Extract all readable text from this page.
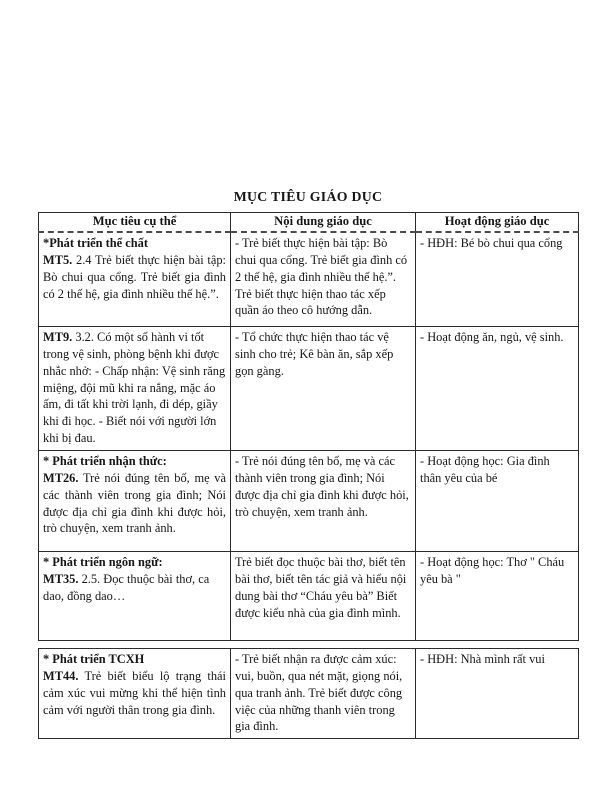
MỤC TIÊU GIÁO DỤC
Mục tiêu cụ thể	Nội dung giáo dục	Hoạt động giáo dục

*Phát triển thể chất
MT5. 2.4 Trẻ biết thực hiện bài tập: Bò chui qua cổng. Trẻ biết gia đình có 2 thế hệ, gia đình nhiều thế hệ.”.	- Trẻ biết thực hiện bài tập: Bò chui qua cổng. Trẻ biết gia đình có 2 thế hệ, gia đình nhiều thế hệ.”. Trẻ biết thực hiện thao tác xếp quần áo theo cô hướng dẫn.	- HĐH: Bé bò chui qua cổng

MT9. 3.2. Có một số hành vi tốt trong vệ sinh, phòng bệnh khi được nhắc nhở: - Chấp nhận: Vệ sinh răng miệng, đội mũ khi ra nắng, mặc áo ấm, đi tất khi trời lạnh, đi dép, giầy khi đi học. - Biết nói với người lớn khi bị đau.	- Tổ chức thực hiện thao tác vệ sinh cho trẻ; Kê bàn ăn, sắp xếp gọn gàng.	- Hoạt động ăn, ngủ, vệ sinh.

* Phát triển nhận thức:
MT26. Trẻ nói đúng tên bố, mẹ và các thành viên trong gia đình; Nói được địa chỉ gia đình khi được hỏi, trò chuyện, xem tranh ảnh.	- Trẻ nói đúng tên bố, mẹ và các thành viên trong gia đình; Nói được địa chỉ gia đình khi được hỏi, trò chuyện, xem tranh ảnh.	- Hoạt động học: Gia đình thân yêu của bé

* Phát triển ngôn ngữ:
MT35. 2.5. Đọc thuộc bài thơ, ca dao, đồng dao…	Trẻ biết đọc thuộc bài thơ, biết tên bài thơ, biết tên tác giả và hiểu nội dung bài thơ “Cháu yêu bà” Biết được kiểu nhà của gia đình mình.	- Hoạt động học: Thơ " Cháu yêu bà "
* Phát triển TCXH
MT44. Trẻ biết biểu lộ trạng thái cảm xúc vui mừng khi thể hiện tình cảm với người thân trong gia đình.	- Trẻ biết nhận ra được cảm xúc: vui, buồn, qua nét mặt, giọng nói, qua tranh ảnh. Trẻ biết được công việc của những thanh viên trong gia đình.	- HĐH: Nhà mình rất vui
